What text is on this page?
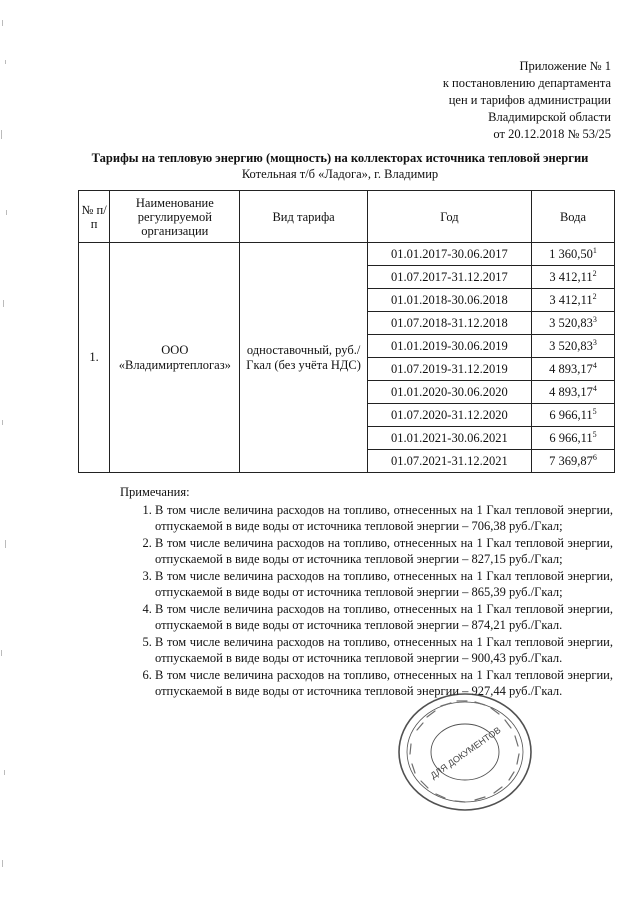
Приложение № 1
к постановлению департамента
цен и тарифов администрации
Владимирской области
от 20.12.2018 № 53/25
Тарифы на тепловую энергию (мощность) на коллекторах источника тепловой энергии
Котельная т/б «Ладога», г. Владимир
№ п/п	Наименование регулируемой организации	Вид тарифа	Год	Вода
1.	ООО «Владимиртеплогаз»	одноставочный, руб./Гкал (без учёта НДС)	01.01.2017-30.06.2017	1 360,50$^1$
			01.07.2017-31.12.2017	3 412,11$^2$
			01.01.2018-30.06.2018	3 412,11$^2$
			01.07.2018-31.12.2018	3 520,83$^3$
			01.01.2019-30.06.2019	3 520,83$^3$
			01.07.2019-31.12.2019	4 893,17$^4$
			01.01.2020-30.06.2020	4 893,17$^4$
			01.07.2020-31.12.2020	6 966,11$^5$
			01.01.2021-30.06.2021	6 966,11$^5$
			01.07.2021-31.12.2021	7 369,87$^6$
Примечания:
1. В том числе величина расходов на топливо, отнесенных на 1 Гкал тепловой энергии, отпускаемой в виде воды от источника тепловой энергии – 706,38 руб./Гкал;
2. В том числе величина расходов на топливо, отнесенных на 1 Гкал тепловой энергии, отпускаемой в виде воды от источника тепловой энергии – 827,15 руб./Гкал;
3. В том числе величина расходов на топливо, отнесенных на 1 Гкал тепловой энергии, отпускаемой в виде воды от источника тепловой энергии – 865,39 руб./Гкал;
4. В том числе величина расходов на топливо, отнесенных на 1 Гкал тепловой энергии, отпускаемой в виде воды от источника тепловой энергии – 874,21 руб./Гкал.
5. В том числе величина расходов на топливо, отнесенных на 1 Гкал тепловой энергии, отпускаемой в виде воды от источника тепловой энергии – 900,43 руб./Гкал.
6. В том числе величина расходов на топливо, отнесенных на 1 Гкал тепловой энергии, отпускаемой в виде воды от источника тепловой энергии – 927,44 руб./Гкал.
ДЛЯ ДОКУМЕНТОВ
